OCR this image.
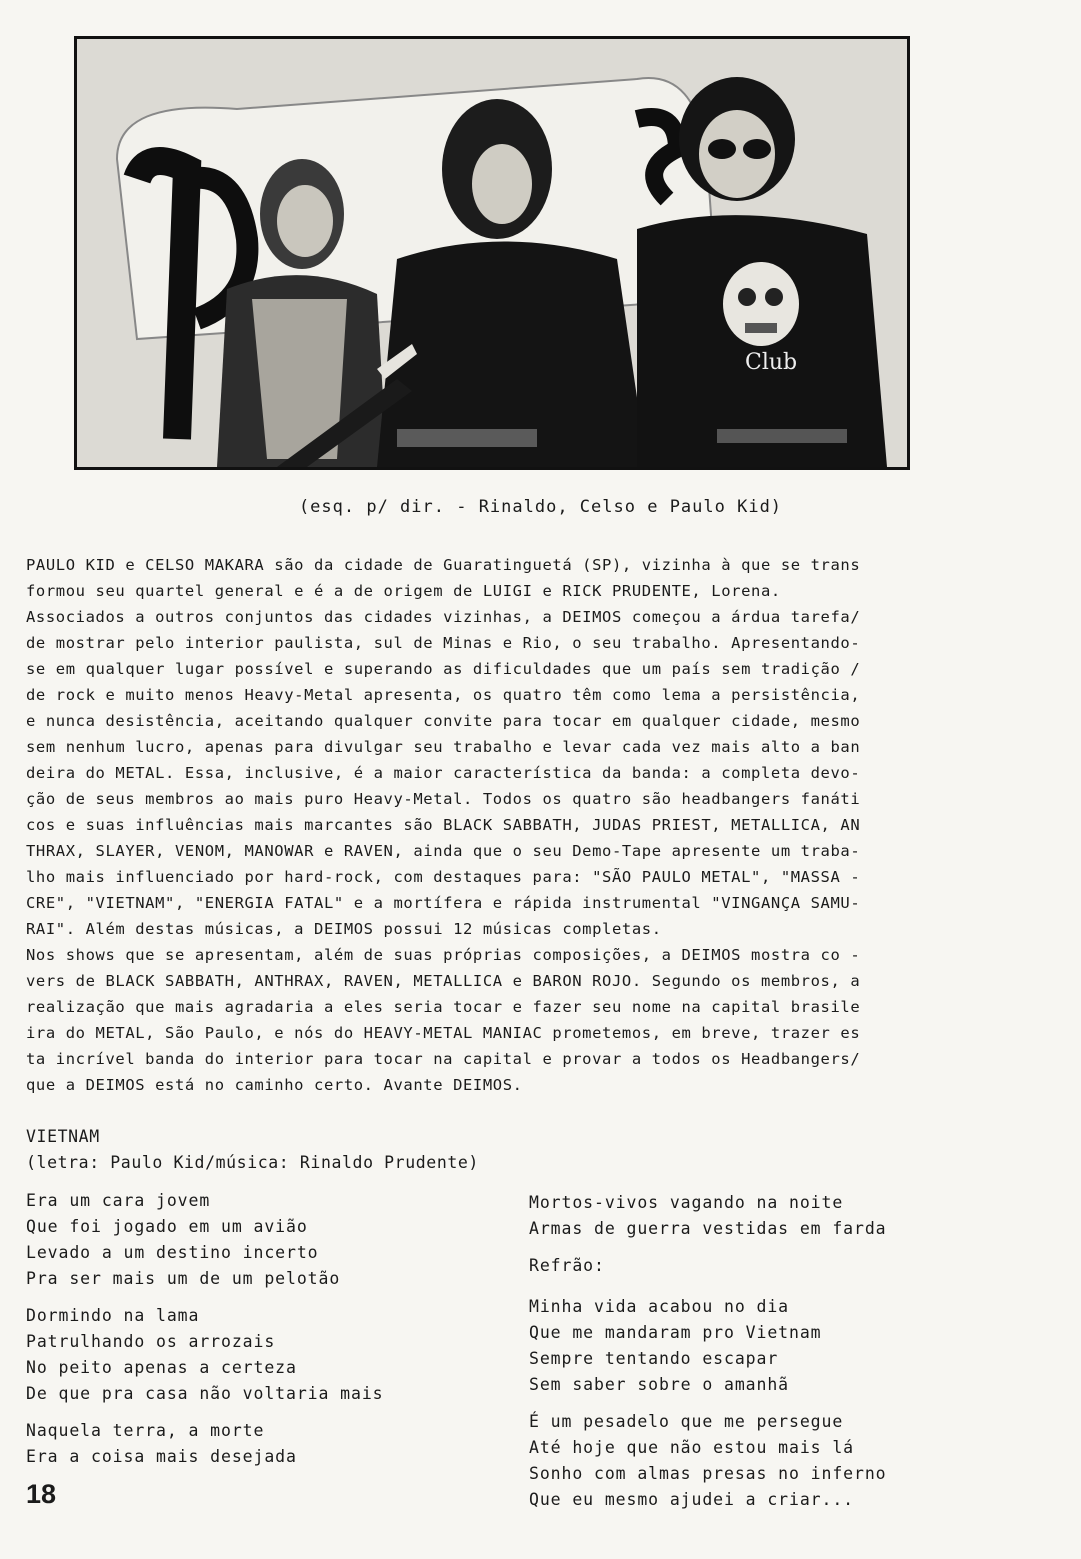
Club
(esq. p/ dir. - Rinaldo, Celso e Paulo Kid)
PAULO KID e CELSO MAKARA são da cidade de Guaratinguetá (SP), vizinha à que se trans
formou seu quartel general e é a de origem de LUIGI e RICK PRUDENTE, Lorena.
Associados a outros conjuntos das cidades vizinhas, a DEIMOS começou a árdua tarefa/
de mostrar pelo interior paulista, sul de Minas e Rio, o seu trabalho. Apresentando-
se em qualquer lugar possível e superando as dificuldades que um país sem tradição /
de rock e muito menos Heavy-Metal apresenta, os quatro têm como lema a persistência,
e nunca desistência, aceitando qualquer convite para tocar em qualquer cidade, mesmo
sem nenhum lucro, apenas para divulgar seu trabalho e levar cada vez mais alto a ban
deira do METAL. Essa, inclusive, é a maior característica da banda: a completa devo-
ção de seus membros ao mais puro Heavy-Metal. Todos os quatro são headbangers fanáti
cos e suas influências mais marcantes são BLACK SABBATH, JUDAS PRIEST, METALLICA, AN
THRAX, SLAYER, VENOM, MANOWAR e RAVEN, ainda que o seu Demo-Tape apresente um traba-
lho mais influenciado por hard-rock, com destaques para: "SÃO PAULO METAL", "MASSA -
CRE", "VIETNAM", "ENERGIA FATAL" e a mortífera e rápida instrumental "VINGANÇA SAMU-
RAI". Além destas músicas, a DEIMOS possui 12 músicas completas.
Nos shows que se apresentam, além de suas próprias composições, a DEIMOS mostra co -
vers de BLACK SABBATH, ANTHRAX, RAVEN, METALLICA e BARON ROJO. Segundo os membros, a
realização que mais agradaria a eles seria tocar e fazer seu nome na capital brasile
ira do METAL, São Paulo, e nós do HEAVY-METAL MANIAC prometemos, em breve, trazer es
ta incrível banda do interior para tocar na capital e provar a todos os Headbangers/
que a DEIMOS está no caminho certo. Avante DEIMOS.
VIETNAM
(letra: Paulo Kid/música: Rinaldo Prudente)
Era um cara jovem
Que foi jogado em um avião
Levado a um destino incerto
Pra ser mais um de um pelotão
Dormindo na lama
Patrulhando os arrozais
No peito apenas a certeza
De que pra casa não voltaria mais
Naquela terra, a morte
Era a coisa mais desejada
Mortos-vivos vagando na noite
Armas de guerra vestidas em farda
Refrão:
Minha vida acabou no dia
Que me mandaram pro Vietnam
Sempre tentando escapar
Sem saber sobre o amanhã
É um pesadelo que me persegue
Até hoje que não estou mais lá
Sonho com almas presas no inferno
Que eu mesmo ajudei a criar...
18
